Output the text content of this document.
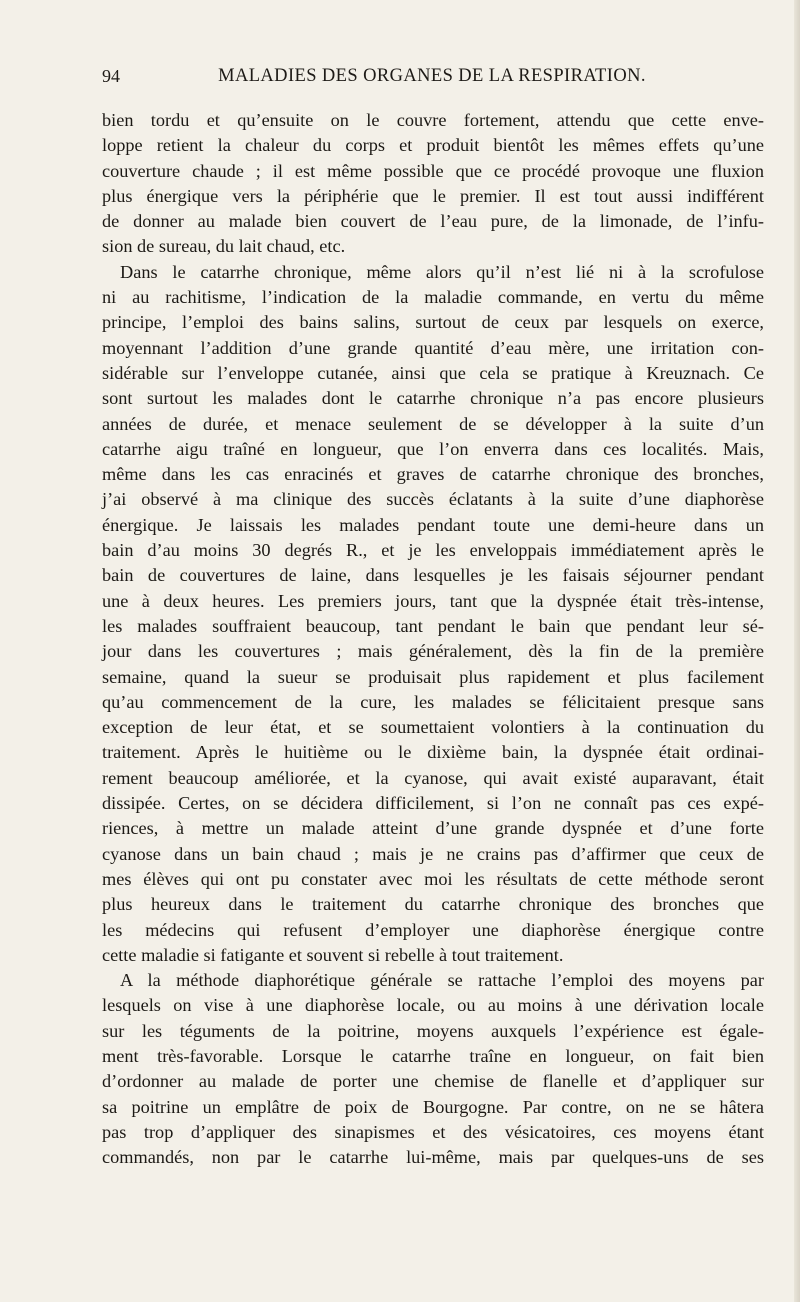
94	MALADIES DES ORGANES DE LA RESPIRATION.
bien tordu et qu’ensuite on le couvre fortement, attendu que cette enve-
loppe retient la chaleur du corps et produit bientôt les mêmes effets qu’une
couverture chaude ; il est même possible que ce procédé provoque une fluxion
plus énergique vers la périphérie que le premier. Il est tout aussi indifférent
de donner au malade bien couvert de l’eau pure, de la limonade, de l’infu-
sion de sureau, du lait chaud, etc.
Dans le catarrhe chronique, même alors qu’il n’est lié ni à la scrofulose
ni au rachitisme, l’indication de la maladie commande, en vertu du même
principe, l’emploi des bains salins, surtout de ceux par lesquels on exerce,
moyennant l’addition d’une grande quantité d’eau mère, une irritation con-
sidérable sur l’enveloppe cutanée, ainsi que cela se pratique à Kreuznach. Ce
sont surtout les malades dont le catarrhe chronique n’a pas encore plusieurs
années de durée, et menace seulement de se développer à la suite d’un
catarrhe aigu traîné en longueur, que l’on enverra dans ces localités. Mais,
même dans les cas enracinés et graves de catarrhe chronique des bronches,
j’ai observé à ma clinique des succès éclatants à la suite d’une diaphorèse
énergique. Je laissais les malades pendant toute une demi-heure dans un
bain d’au moins 30 degrés R., et je les enveloppais immédiatement après le
bain de couvertures de laine, dans lesquelles je les faisais séjourner pendant
une à deux heures. Les premiers jours, tant que la dyspnée était très-intense,
les malades souffraient beaucoup, tant pendant le bain que pendant leur sé-
jour dans les couvertures ; mais généralement, dès la fin de la première
semaine, quand la sueur se produisait plus rapidement et plus facilement
qu’au commencement de la cure, les malades se félicitaient presque sans
exception de leur état, et se soumettaient volontiers à la continuation du
traitement. Après le huitième ou le dixième bain, la dyspnée était ordinai-
rement beaucoup améliorée, et la cyanose, qui avait existé auparavant, était
dissipée. Certes, on se décidera difficilement, si l’on ne connaît pas ces expé-
riences, à mettre un malade atteint d’une grande dyspnée et d’une forte
cyanose dans un bain chaud ; mais je ne crains pas d’affirmer que ceux de
mes élèves qui ont pu constater avec moi les résultats de cette méthode seront
plus heureux dans le traitement du catarrhe chronique des bronches que
les médecins qui refusent d’employer une diaphorèse énergique contre
cette maladie si fatigante et souvent si rebelle à tout traitement.
A la méthode diaphorétique générale se rattache l’emploi des moyens par
lesquels on vise à une diaphorèse locale, ou au moins à une dérivation locale
sur les téguments de la poitrine, moyens auxquels l’expérience est égale-
ment très-favorable. Lorsque le catarrhe traîne en longueur, on fait bien
d’ordonner au malade de porter une chemise de flanelle et d’appliquer sur
sa poitrine un emplâtre de poix de Bourgogne. Par contre, on ne se hâtera
pas trop d’appliquer des sinapismes et des vésicatoires, ces moyens étant
commandés, non par le catarrhe lui-même, mais par quelques-uns de ses
